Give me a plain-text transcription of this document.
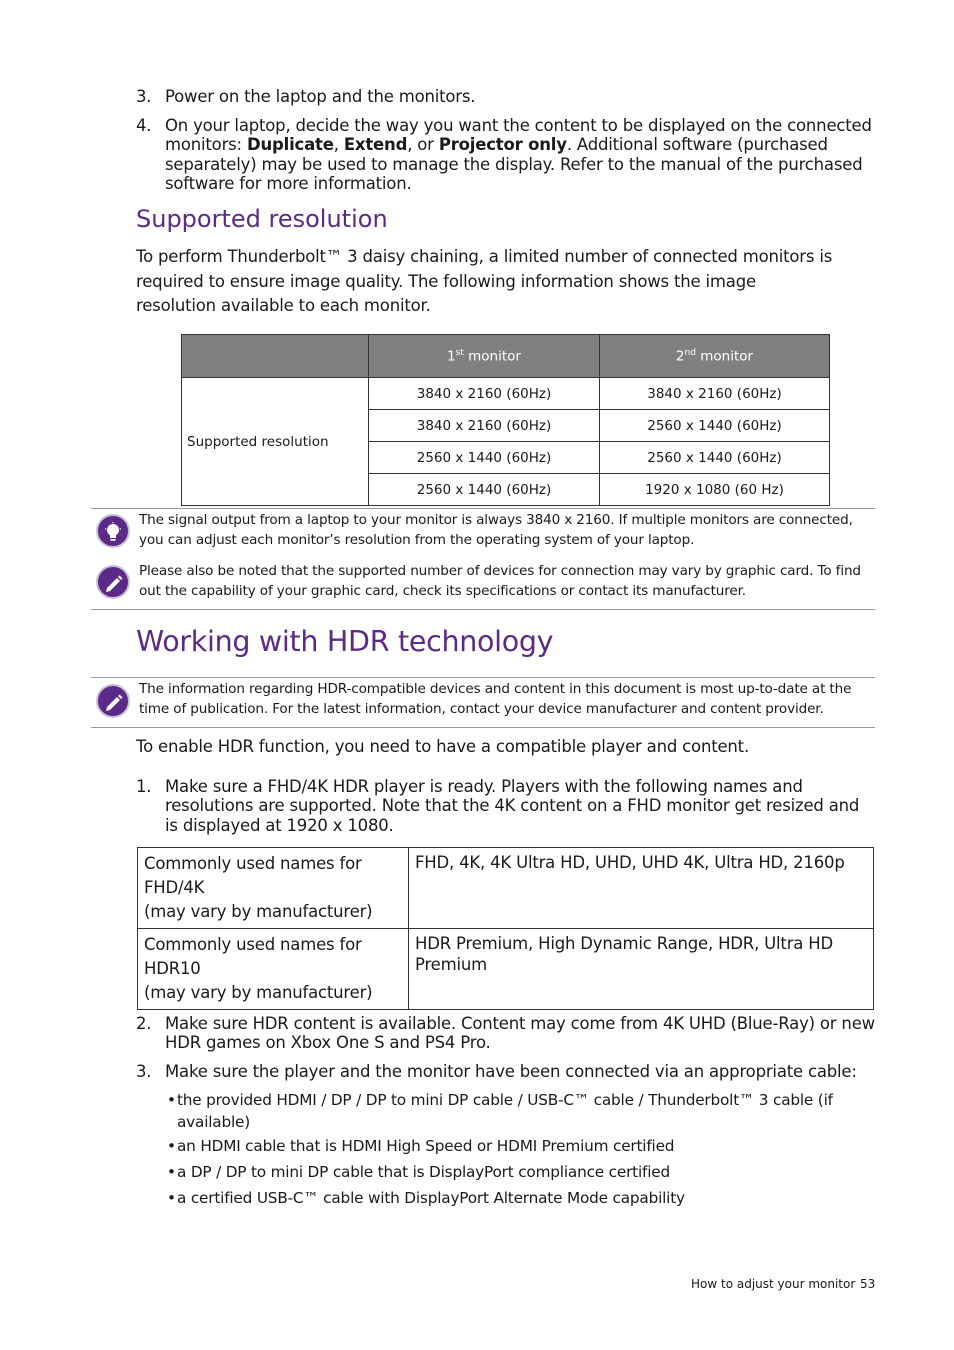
3. Power on the laptop and the monitors.
4. On your laptop, decide the way you want the content to be displayed on the connected monitors: Duplicate, Extend, or Projector only. Additional software (purchased separately) may be used to manage the display. Refer to the manual of the purchased software for more information.
Supported resolution
To perform Thunderbolt™ 3 daisy chaining, a limited number of connected monitors is required to ensure image quality. The following information shows the image resolution available to each monitor.
	1st monitor	2nd monitor
Supported resolution	3840 x 2160 (60Hz)	3840 x 2160 (60Hz)
	3840 x 2160 (60Hz)	2560 x 1440 (60Hz)
	2560 x 1440 (60Hz)	2560 x 1440 (60Hz)
	2560 x 1440 (60Hz)	1920 x 1080 (60 Hz)
The signal output from a laptop to your monitor is always 3840 x 2160. If multiple monitors are connected, you can adjust each monitor’s resolution from the operating system of your laptop.
Please also be noted that the supported number of devices for connection may vary by graphic card. To find out the capability of your graphic card, check its specifications or contact its manufacturer.
Working with HDR technology
The information regarding HDR-compatible devices and content in this document is most up-to-date at the time of publication. For the latest information, contact your device manufacturer and content provider.
To enable HDR function, you need to have a compatible player and content.
1. Make sure a FHD/4K HDR player is ready. Players with the following names and resolutions are supported. Note that the 4K content on a FHD monitor get resized and is displayed at 1920 x 1080.
Commonly used names for
FHD/4K
(may vary by manufacturer)	FHD, 4K, 4K Ultra HD, UHD, UHD 4K, Ultra HD, 2160p

Commonly used names for
HDR10
(may vary by manufacturer)	HDR Premium, High Dynamic Range, HDR, Ultra HD Premium
2. Make sure HDR content is available. Content may come from 4K UHD (Blue-Ray) or new HDR games on Xbox One S and PS4 Pro.
3. Make sure the player and the monitor have been connected via an appropriate cable:
• the provided HDMI / DP / DP to mini DP cable / USB-C™ cable / Thunderbolt™ 3 cable (if available)
• an HDMI cable that is HDMI High Speed or HDMI Premium certified
• a DP / DP to mini DP cable that is DisplayPort compliance certified
• a certified USB-C™ cable with DisplayPort Alternate Mode capability
How to adjust your monitor 53
